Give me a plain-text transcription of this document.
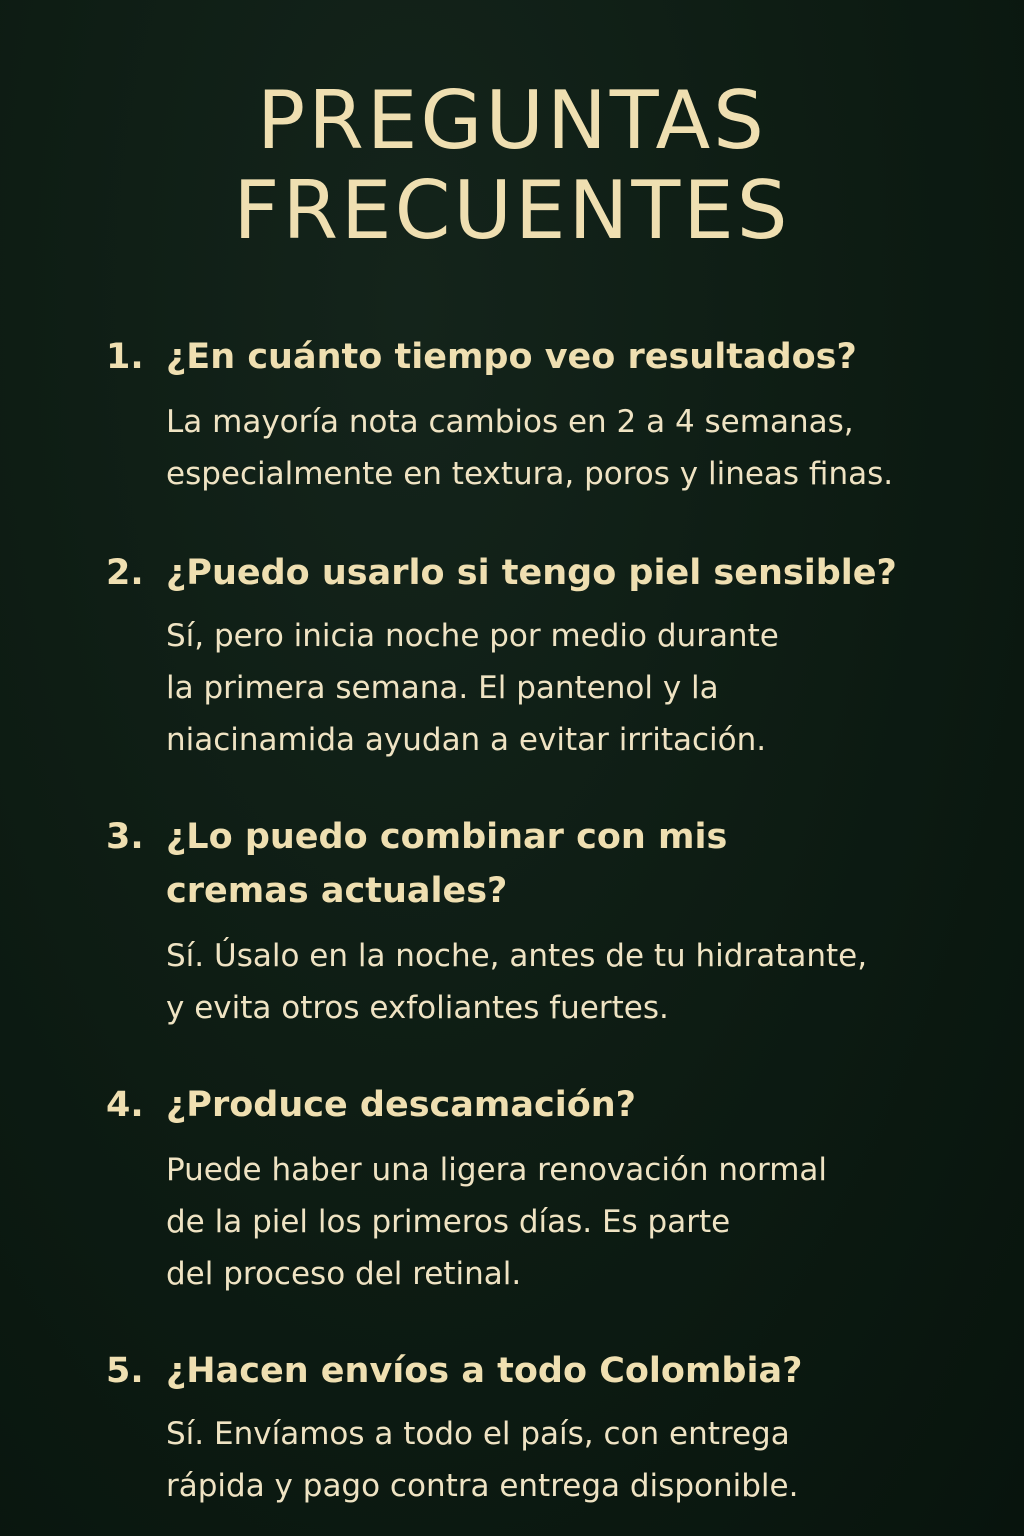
PREGUNTAS
FRECUENTES
1. ¿En cuánto tiempo veo resultados?
La mayoría nota cambios en 2 a 4 semanas,
especialmente en textura, poros y lineas finas.
2. ¿Puedo usarlo si tengo piel sensible?
Sí, pero inicia noche por medio durante
la primera semana. El pantenol y la
niacinamida ayudan a evitar irritación.
3. ¿Lo puedo combinar con mis
cremas actuales?
Sí. Úsalo en la noche, antes de tu hidratante,
y evita otros exfoliantes fuertes.
4. ¿Produce descamación?
Puede haber una ligera renovación normal
de la piel los primeros días. Es parte
del proceso del retinal.
5. ¿Hacen envíos a todo Colombia?
Sí. Envíamos a todo el país, con entrega
rápida y pago contra entrega disponible.
